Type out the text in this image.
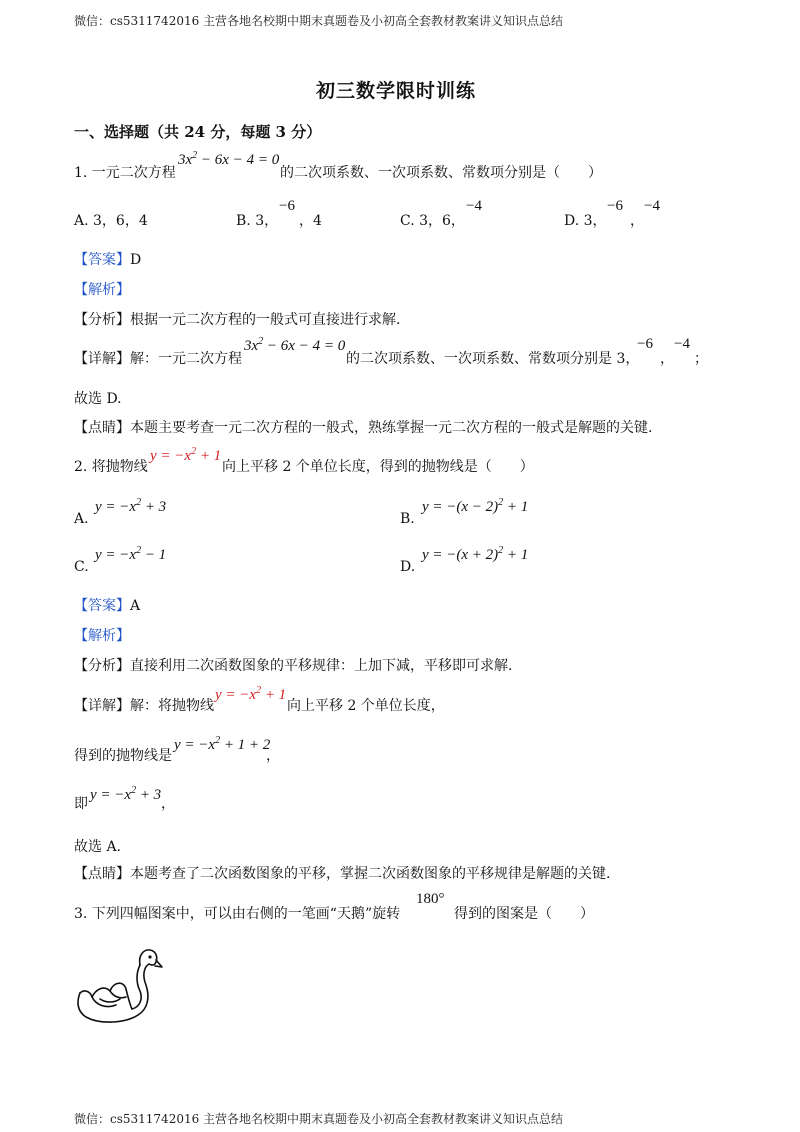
微信：cs5311742016 主营各地名校期中期末真题卷及小初高全套教材教案讲义知识点总结
微信：cs5311742016 主营各地名校期中期末真题卷及小初高全套教材教案讲义知识点总结
初三数学限时训练
一、选择题（共 24 分，每题 3 分）
1. 一元二次方程
$3x^2 - 6x - 4 = 0$
的二次项系数、一次项系数、常数项分别是（　　）
A. 3，6，4	B. 3，
−6
，4	C. 3，6，
−4
D. 3，
−6
，
−4
【答案】D
【解析】
【分析】根据一元二次方程的一般式可直接进行求解.
【详解】解：一元二次方程
$3x^2 - 6x - 4 = 0$
的二次项系数、一次项系数、常数项分别是 3，
−6
，
−4
；
故选 D.
【点睛】本题主要考查一元二次方程的一般式，熟练掌握一元二次方程的一般式是解题的关键.
2. 将抛物线
$y = -x^2 + 1$
向上平移 2 个单位长度，得到的抛物线是（　　）
A.
$y = -x^2 + 3$
B.
$y = -(x - 2)^2 + 1$
C.
$y = -x^2 - 1$
D.
$y = -(x + 2)^2 + 1$
【答案】A
【解析】
【分析】直接利用二次函数图象的平移规律：上加下减，平移即可求解.
【详解】解：将抛物线
$y = -x^2 + 1$
向上平移 2 个单位长度，
得到的抛物线是
$y = -x^2 + 1 + 2$
，
即
$y = -x^2 + 3$
，
故选 A.
【点睛】本题考查了二次函数图象的平移，掌握二次函数图象的平移规律是解题的关键.
3. 下列四幅图案中，可以由右侧的一笔画“天鹅”旋转
180°
得到的图案是（　　）
